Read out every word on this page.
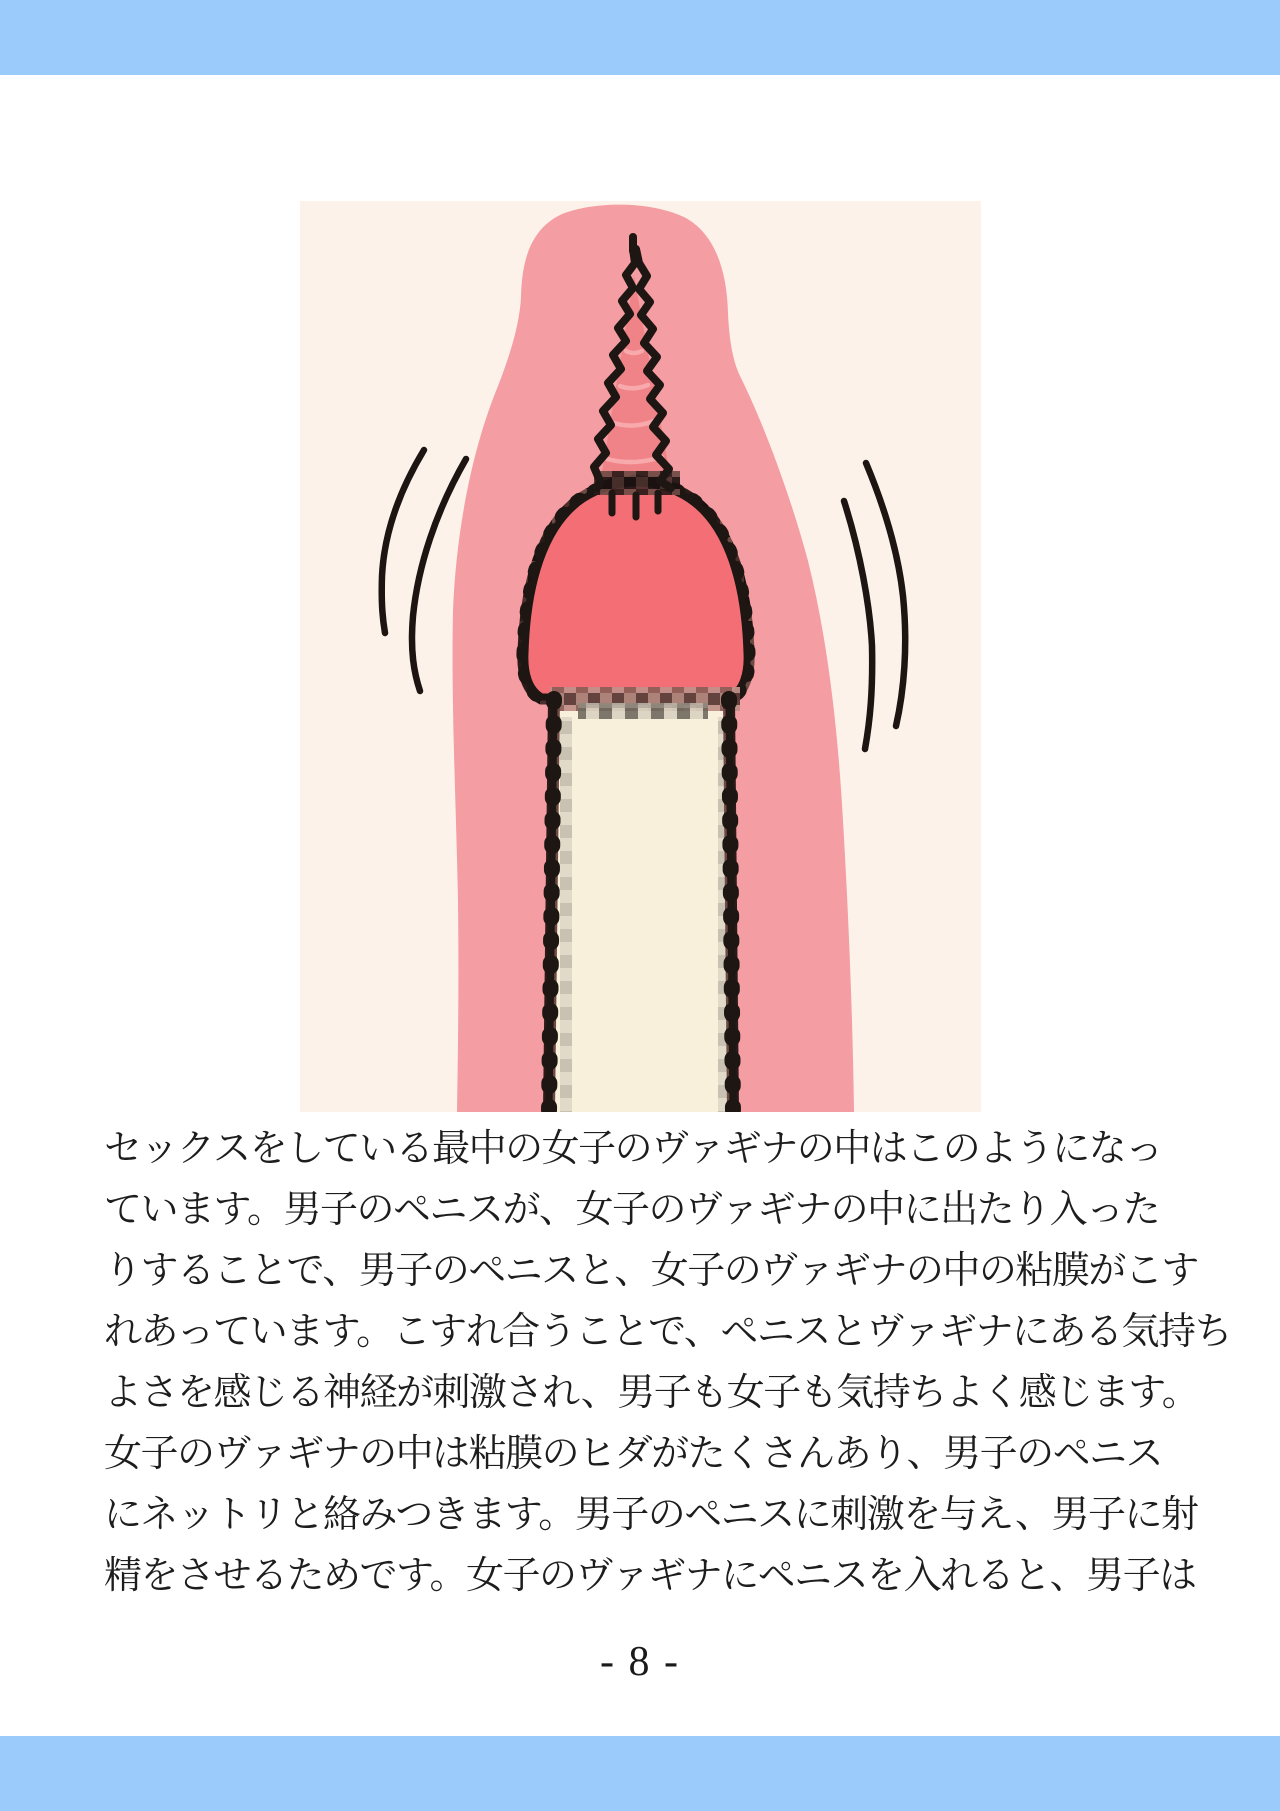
セックスをしている最中の女子のヴァギナの中はこのようになっ
ています。男子のペニスが、女子のヴァギナの中に出たり入った
りすることで、男子のペニスと、女子のヴァギナの中の粘膜がこす
れあっています。こすれ合うことで、ペニスとヴァギナにある気持ち
よさを感じる神経が刺激され、男子も女子も気持ちよく感じます。
女子のヴァギナの中は粘膜のヒダがたくさんあり、男子のペニス
にネットリと絡みつきます。男子のペニスに刺激を与え、男子に射
精をさせるためです。女子のヴァギナにペニスを入れると、男子は
- 8 -
